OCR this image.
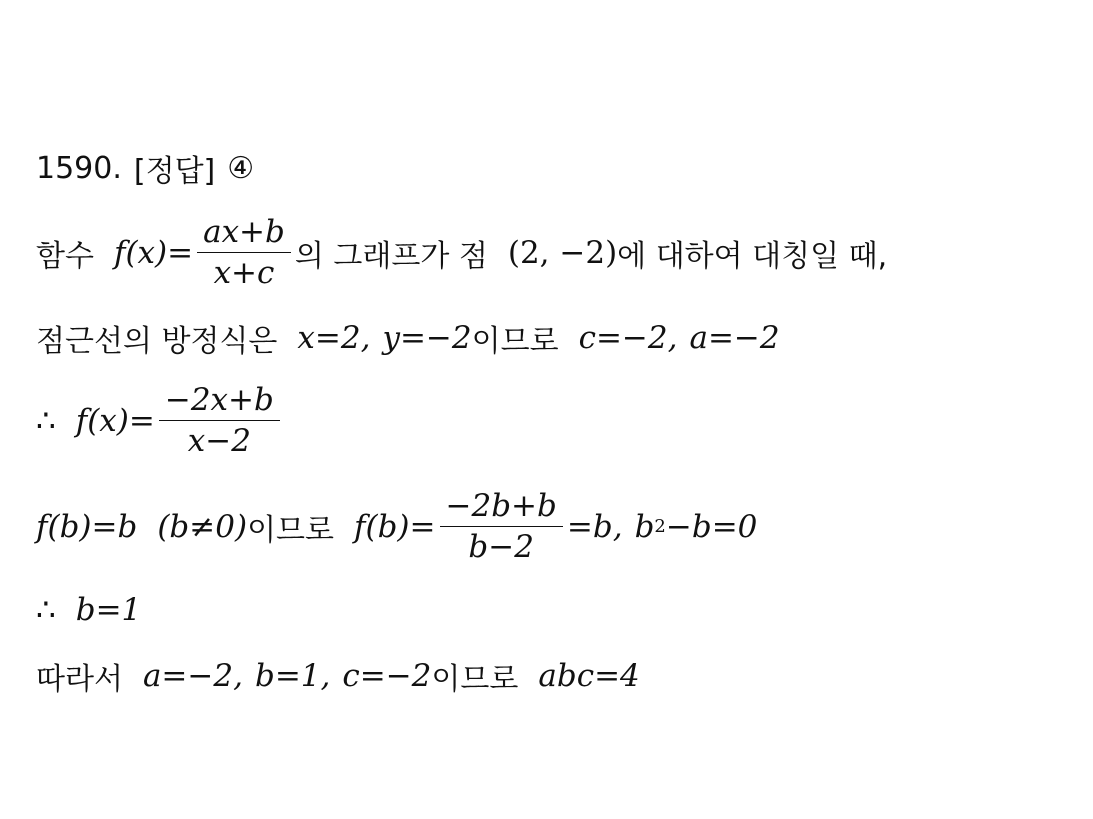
1590. [정답] ④
함수 $f(x)= \frac{ax+b}{x+c}$ 의 그래프가 점 (2, −2) 에 대하여 대칭일 때,
점근선의 방정식은 x=2, y=−2 이므로 c=−2, a=−2
∴ $f(x)= \frac{-2x+b}{x-2}$
f(b)=b (b≠0) 이므로 $f(b)= \frac{-2b+b}{b-2} =b$, b 2 −b=0
∴ b=1
따라서 a=−2, b=1, c=−2 이므로 abc=4
